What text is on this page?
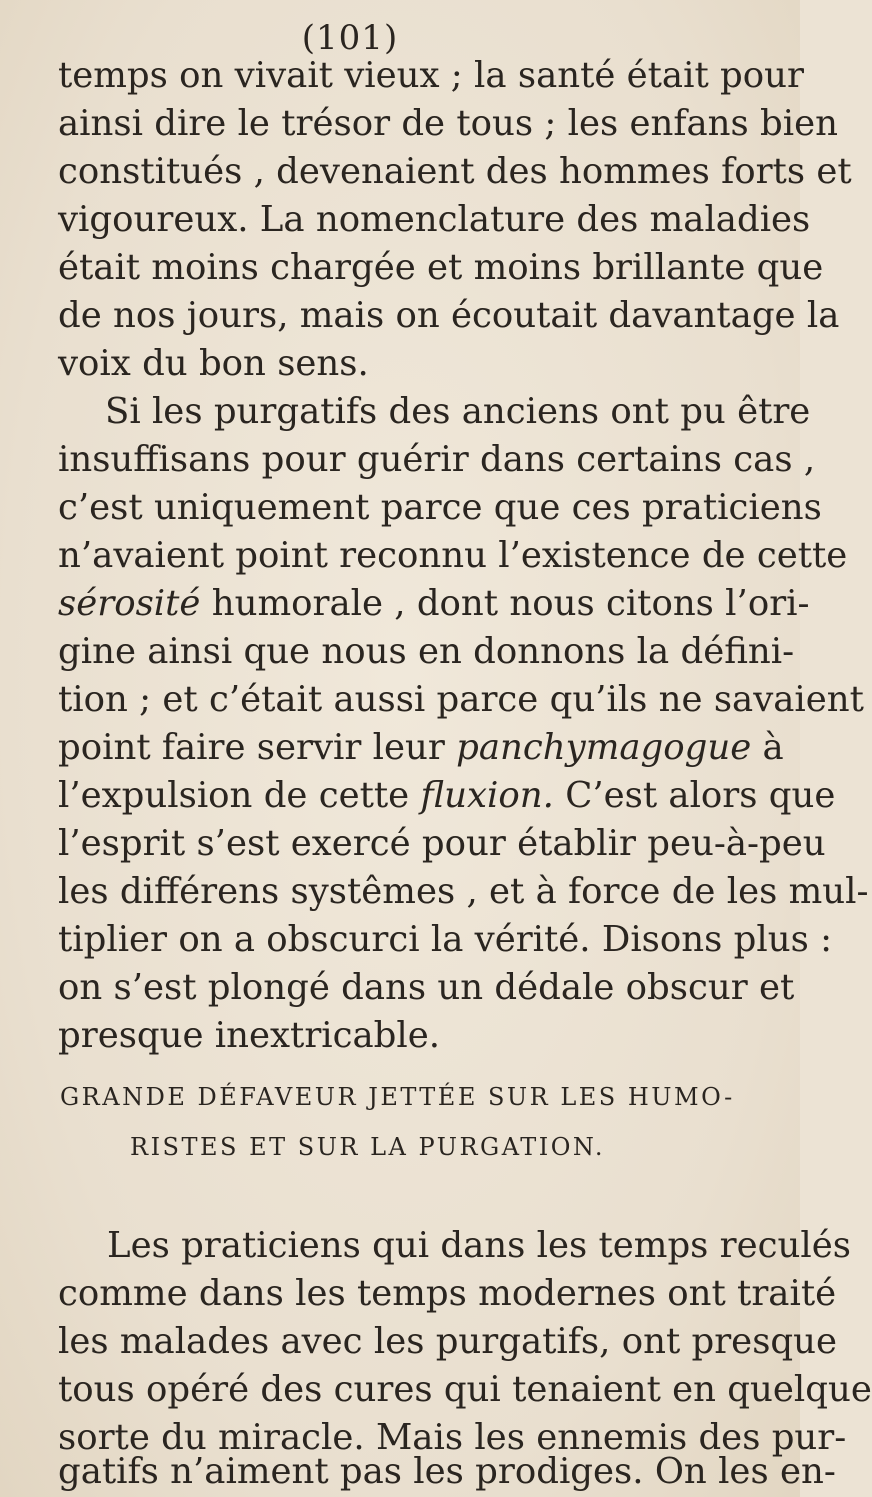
(101)
temps on vivait vieux ; la santé était pour
ainsi dire le trésor de tous ; les enfans bien
constitués , devenaient des hommes forts et
vigoureux. La nomenclature des maladies
était moins chargée et moins brillante que
de nos jours, mais on écoutait davantage la
voix du bon sens.
Si les purgatifs des anciens ont pu être
insuffisans pour guérir dans certains cas ,
c’est uniquement parce que ces praticiens
n’avaient point reconnu l’existence de cette
sérosité humorale , dont nous citons l’ori-
gine ainsi que nous en donnons la défini-
tion ; et c’était aussi parce qu’ils ne savaient
point faire servir leur panchymagogue à
l’expulsion de cette fluxion. C’est alors que
l’esprit s’est exercé pour établir peu-à-peu
les différens systêmes , et à force de les mul-
tiplier on a obscurci la vérité. Disons plus :
on s’est plongé dans un dédale obscur et
presque inextricable.
GRANDE DÉFAVEUR JETTÉE SUR LES HUMO-
RISTES ET SUR LA PURGATION.
Les praticiens qui dans les temps reculés
comme dans les temps modernes ont traité
les malades avec les purgatifs, ont presque
tous opéré des cures qui tenaient en quelque
sorte du miracle. Mais les ennemis des pur-
gatifs n’aiment pas les prodiges. On les en-
